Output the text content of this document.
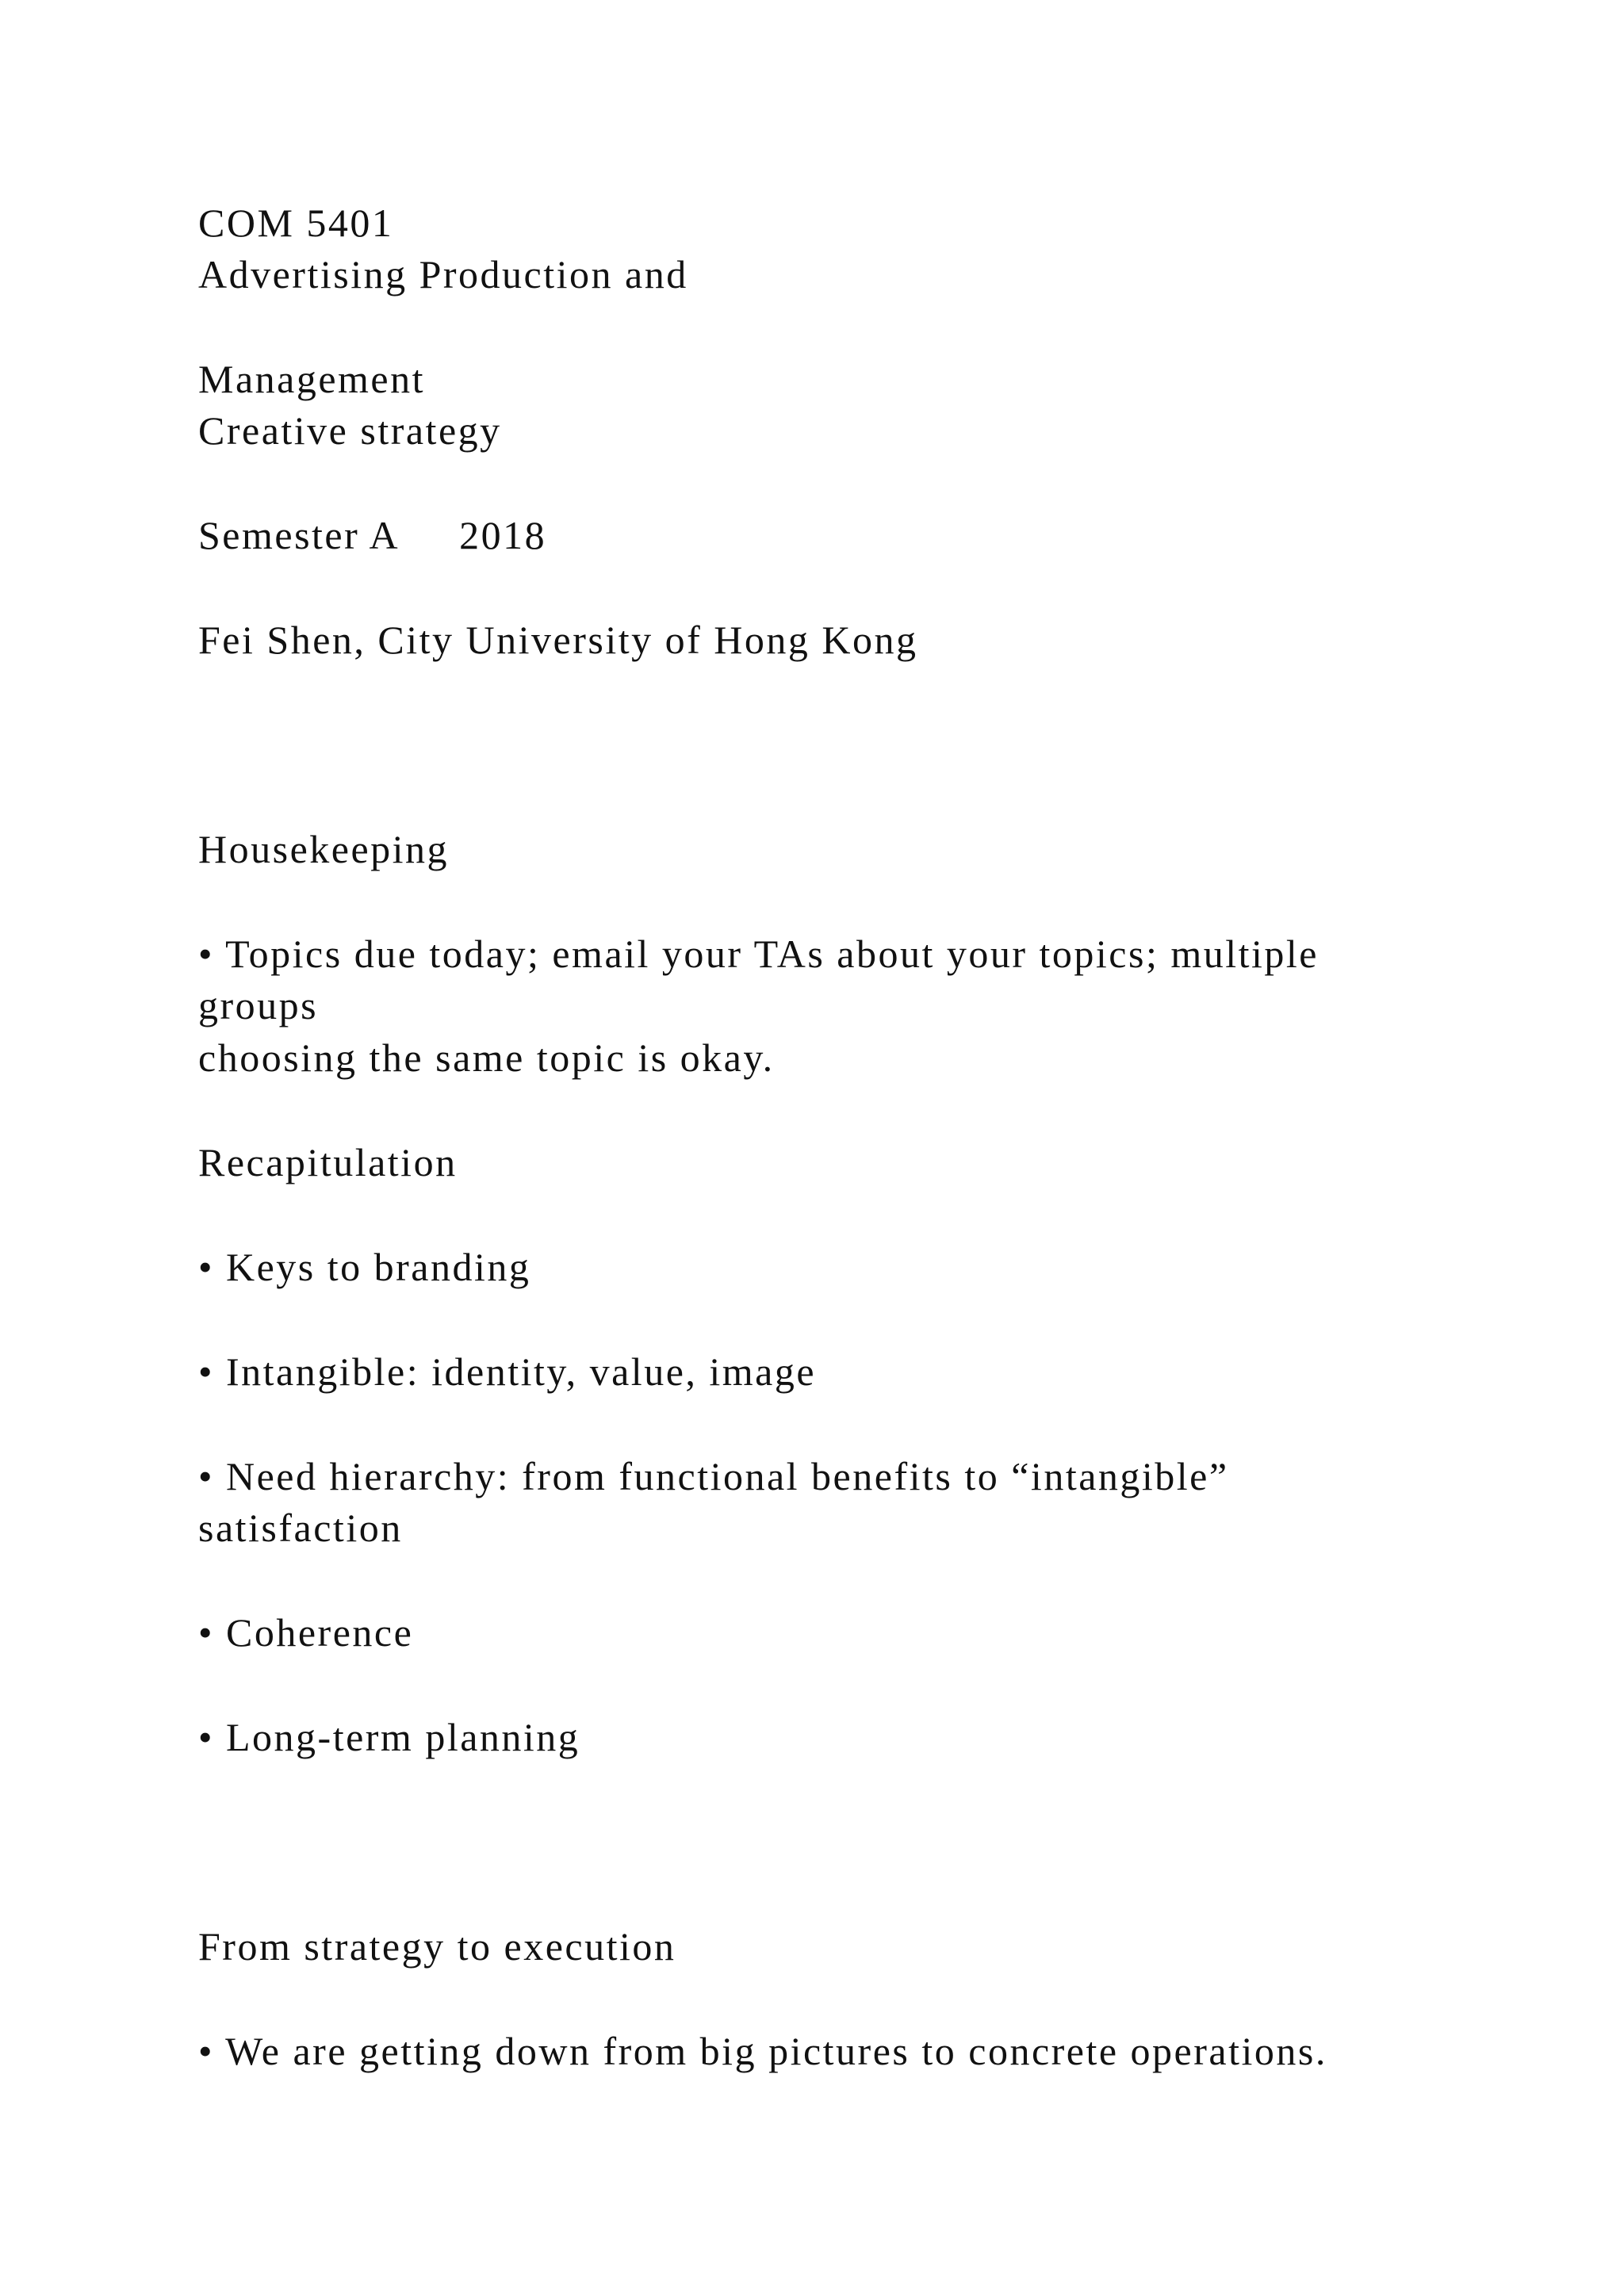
COM 5401
Advertising Production and
Management
Creative strategy
Semester A     2018
Fei Shen, City University of Hong Kong
Housekeeping
• Topics due today; email your TAs about your topics; multiple
groups
choosing the same topic is okay.
Recapitulation
• Keys to branding
• Intangible: identity, value, image
• Need hierarchy: from functional benefits to “intangible”
satisfaction
• Coherence
• Long-term planning
From strategy to execution
• We are getting down from big pictures to concrete operations.
